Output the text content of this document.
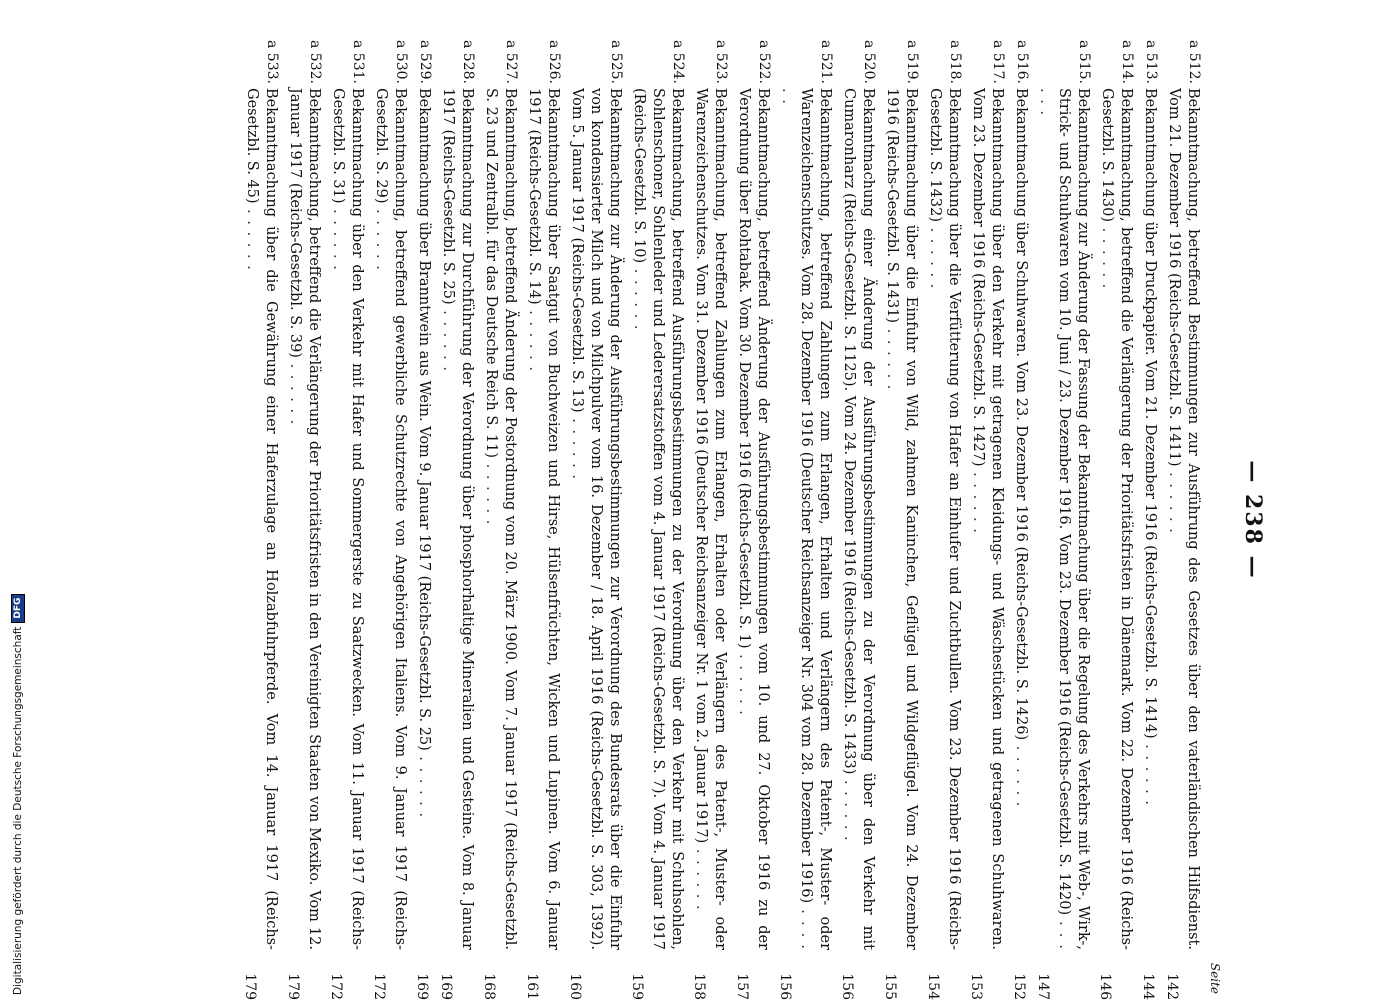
— 238 —
Seite
a 512.
Bekanntmachung, betreffend Bestimmungen zur Ausführung des Gesetzes über den vaterländischen Hilfsdienst. Vom 21. Dezember 1916 (Reichs-Gesetzbl. S. 1411) . . . . . .
142
a 513.
Bekanntmachung über Druckpapier. Vom 21. Dezember 1916 (Reichs-Gesetzbl. S. 1414) . . . . . .
144
a 514.
Bekanntmachung, betreffend die Verlängerung der Prioritätsfristen in Dänemark. Vom 22. Dezember 1916 (Reichs-Gesetzbl. S. 1430) . . . . . .
146
a 515.
Bekanntmachung zur Änderung der Fassung der Bekanntmachung über die Regelung des Verkehrs mit Web-, Wirk-, Strick- und Schuhwaren vom 10. Juni / 23. Dezember 1916. Vom 23. Dezember 1916 (Reichs-Gesetzbl. S. 1420) . . . . . .
147
a 516.
Bekanntmachung über Schuhwaren. Vom 23. Dezember 1916 (Reichs-Gesetzbl. S. 1426) . . . . . .
152
a 517.
Bekanntmachung über den Verkehr mit getragenen Kleidungs- und Wäschestücken und getragenen Schuhwaren. Vom 23. Dezember 1916 (Reichs-Gesetzbl. S. 1427) . . . . . .
153
a 518.
Bekanntmachung über die Verfütterung von Hafer an Einhufer und Zuchtbullen. Vom 23. Dezember 1916 (Reichs-Gesetzbl. S. 1432) . . . . . .
154
a 519.
Bekanntmachung über die Einfuhr von Wild, zahmen Kaninchen, Geflügel und Wildgeflügel. Vom 24. Dezember 1916 (Reichs-Gesetzbl. S. 1431) . . . . . .
155
a 520.
Bekanntmachung einer Änderung der Ausführungsbestimmungen zu der Verordnung über den Verkehr mit Cumaronharz (Reichs-Gesetzbl. S. 1125). Vom 24. Dezember 1916 (Reichs-Gesetzbl. S. 1433) . . . . . .
156
a 521.
Bekanntmachung, betreffend Zahlungen zum Erlangen, Erhalten und Verlängern des Patent-, Muster- oder Warenzeichenschutzes. Vom 28. Dezember 1916 (Deutscher Reichsanzeiger Nr. 304 vom 28. Dezember 1916) . . . . . .
156
a 522.
Bekanntmachung, betreffend Änderung der Ausführungsbestimmungen vom 10. und 27. Oktober 1916 zu der Verordnung über Rohtabak. Vom 30. Dezember 1916 (Reichs-Gesetzbl. S. 1) . . . . . .
157
a 523.
Bekanntmachung, betreffend Zahlungen zum Erlangen, Erhalten oder Verlängern des Patent-, Muster- oder Warenzeichenschutzes. Vom 31. Dezember 1916 (Deutscher Reichsanzeiger Nr. 1 vom 2. Januar 1917) . . . . . .
158
a 524.
Bekanntmachung, betreffend Ausführungsbestimmungen zu der Verordnung über den Verkehr mit Schuhsohlen, Sohlenschoner, Sohlenleder und Lederersatzstoffen vom 4. Januar 1917 (Reichs-Gesetzbl. S. 7). Vom 4. Januar 1917 (Reichs-Gesetzbl. S. 10) . . . . . .
159
a 525.
Bekanntmachung zur Änderung der Ausführungsbestimmungen zur Verordnung des Bundesrats über die Einfuhr von kondensierter Milch und von Milchpulver vom 16. Dezember / 18. April 1916 (Reichs-Gesetzbl. S. 303, 1392). Vom 5. Januar 1917 (Reichs-Gesetzbl. S. 13) . . . . . .
160
a 526.
Bekanntmachung über Saatgut von Buchweizen und Hirse, Hülsenfrüchten, Wicken und Lupinen. Vom 6. Januar 1917 (Reichs-Gesetzbl. S. 14) . . . . . .
161
a 527.
Bekanntmachung, betreffend Änderung der Postordnung vom 20. März 1900. Vom 7. Januar 1917 (Reichs-Gesetzbl. S. 23 und Zentralbl. für das Deutsche Reich S. 11) . . . . . .
168
a 528.
Bekanntmachung zur Durchführung der Verordnung über phosphorhaltige Mineralien und Gesteine. Vom 8. Januar 1917 (Reichs-Gesetzbl. S. 25) . . . . . .
169
a 529.
Bekanntmachung über Branntwein aus Wein. Vom 9. Januar 1917 (Reichs-Gesetzbl. S. 25) . . . . . .
169
a 530.
Bekanntmachung, betreffend gewerbliche Schutzrechte von Angehörigen Italiens. Vom 9. Januar 1917 (Reichs-Gesetzbl. S. 29) . . . . . .
172
a 531.
Bekanntmachung über den Verkehr mit Hafer und Sommergerste zu Saatzwecken. Vom 11. Januar 1917 (Reichs-Gesetzbl. S. 31) . . . . . .
172
a 532.
Bekanntmachung, betreffend die Verlängerung der Prioritätsfristen in den Vereinigten Staaten von Mexiko. Vom 12. Januar 1917 (Reichs-Gesetzbl. S. 39) . . . . . .
179
a 533.
Bekanntmachung über die Gewährung einer Haferzulage an Holzabfuhrpferde. Vom 14. Januar 1917 (Reichs-Gesetzbl. S. 45) . . . . . .
179
Digitalisierung gefördert durch die Deutsche Forschungsgemeinschaft
DFG
